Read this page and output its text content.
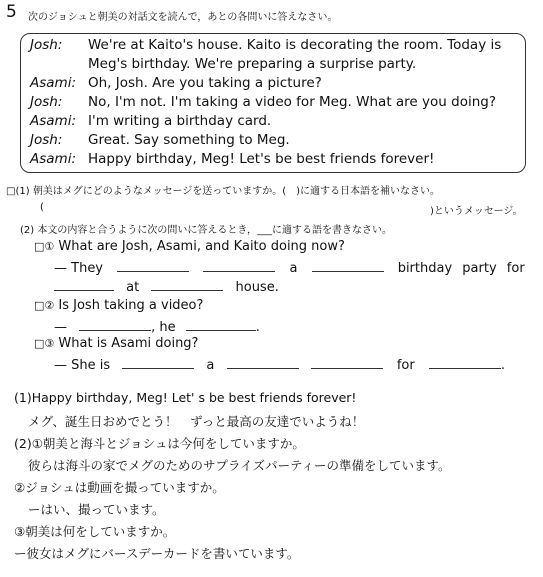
5 次のジョシュと朝美の対話文を読んで，あとの各問いに答えなさい。
Josh: We're at Kaito's house. Kaito is decorating the room. Today is
Meg's birthday. We're preparing a surprise party.
Asami: Oh, Josh. Are you taking a picture?
Josh: No, I'm not. I'm taking a video for Meg. What are you doing?
Asami: I'm writing a birthday card.
Josh: Great. Say something to Meg.
Asami: Happy birthday, Meg! Let's be best friends forever!
□(1) 朝美はメグにどのようなメッセージを送っていますか。(　)に適する日本語を補いなさい。
(	)というメッセージ。
(2) 本文の内容と合うように次の問いに答えるとき，___に適する語を書きなさい。
□① What are Josh, Asami, and Kaito doing now?
— They	a	birthday party for
at	house.
□② Is Josh taking a video?
—	, he	.
□③ What is Asami doing?
— She is	a	for	.
(1)Happy birthday, Meg! Let' s be best friends forever!
メグ、誕生日おめでとう！　ずっと最高の友達でいようね！
(2)①朝美と海斗とジョシュは今何をしていますか。
彼らは海斗の家でメグのためのサプライズパーティーの準備をしています。
②ジョシュは動画を撮っていますか。
ーはい、撮っています。
③朝美は何をしていますか。
ー彼女はメグにバースデーカードを書いています。
